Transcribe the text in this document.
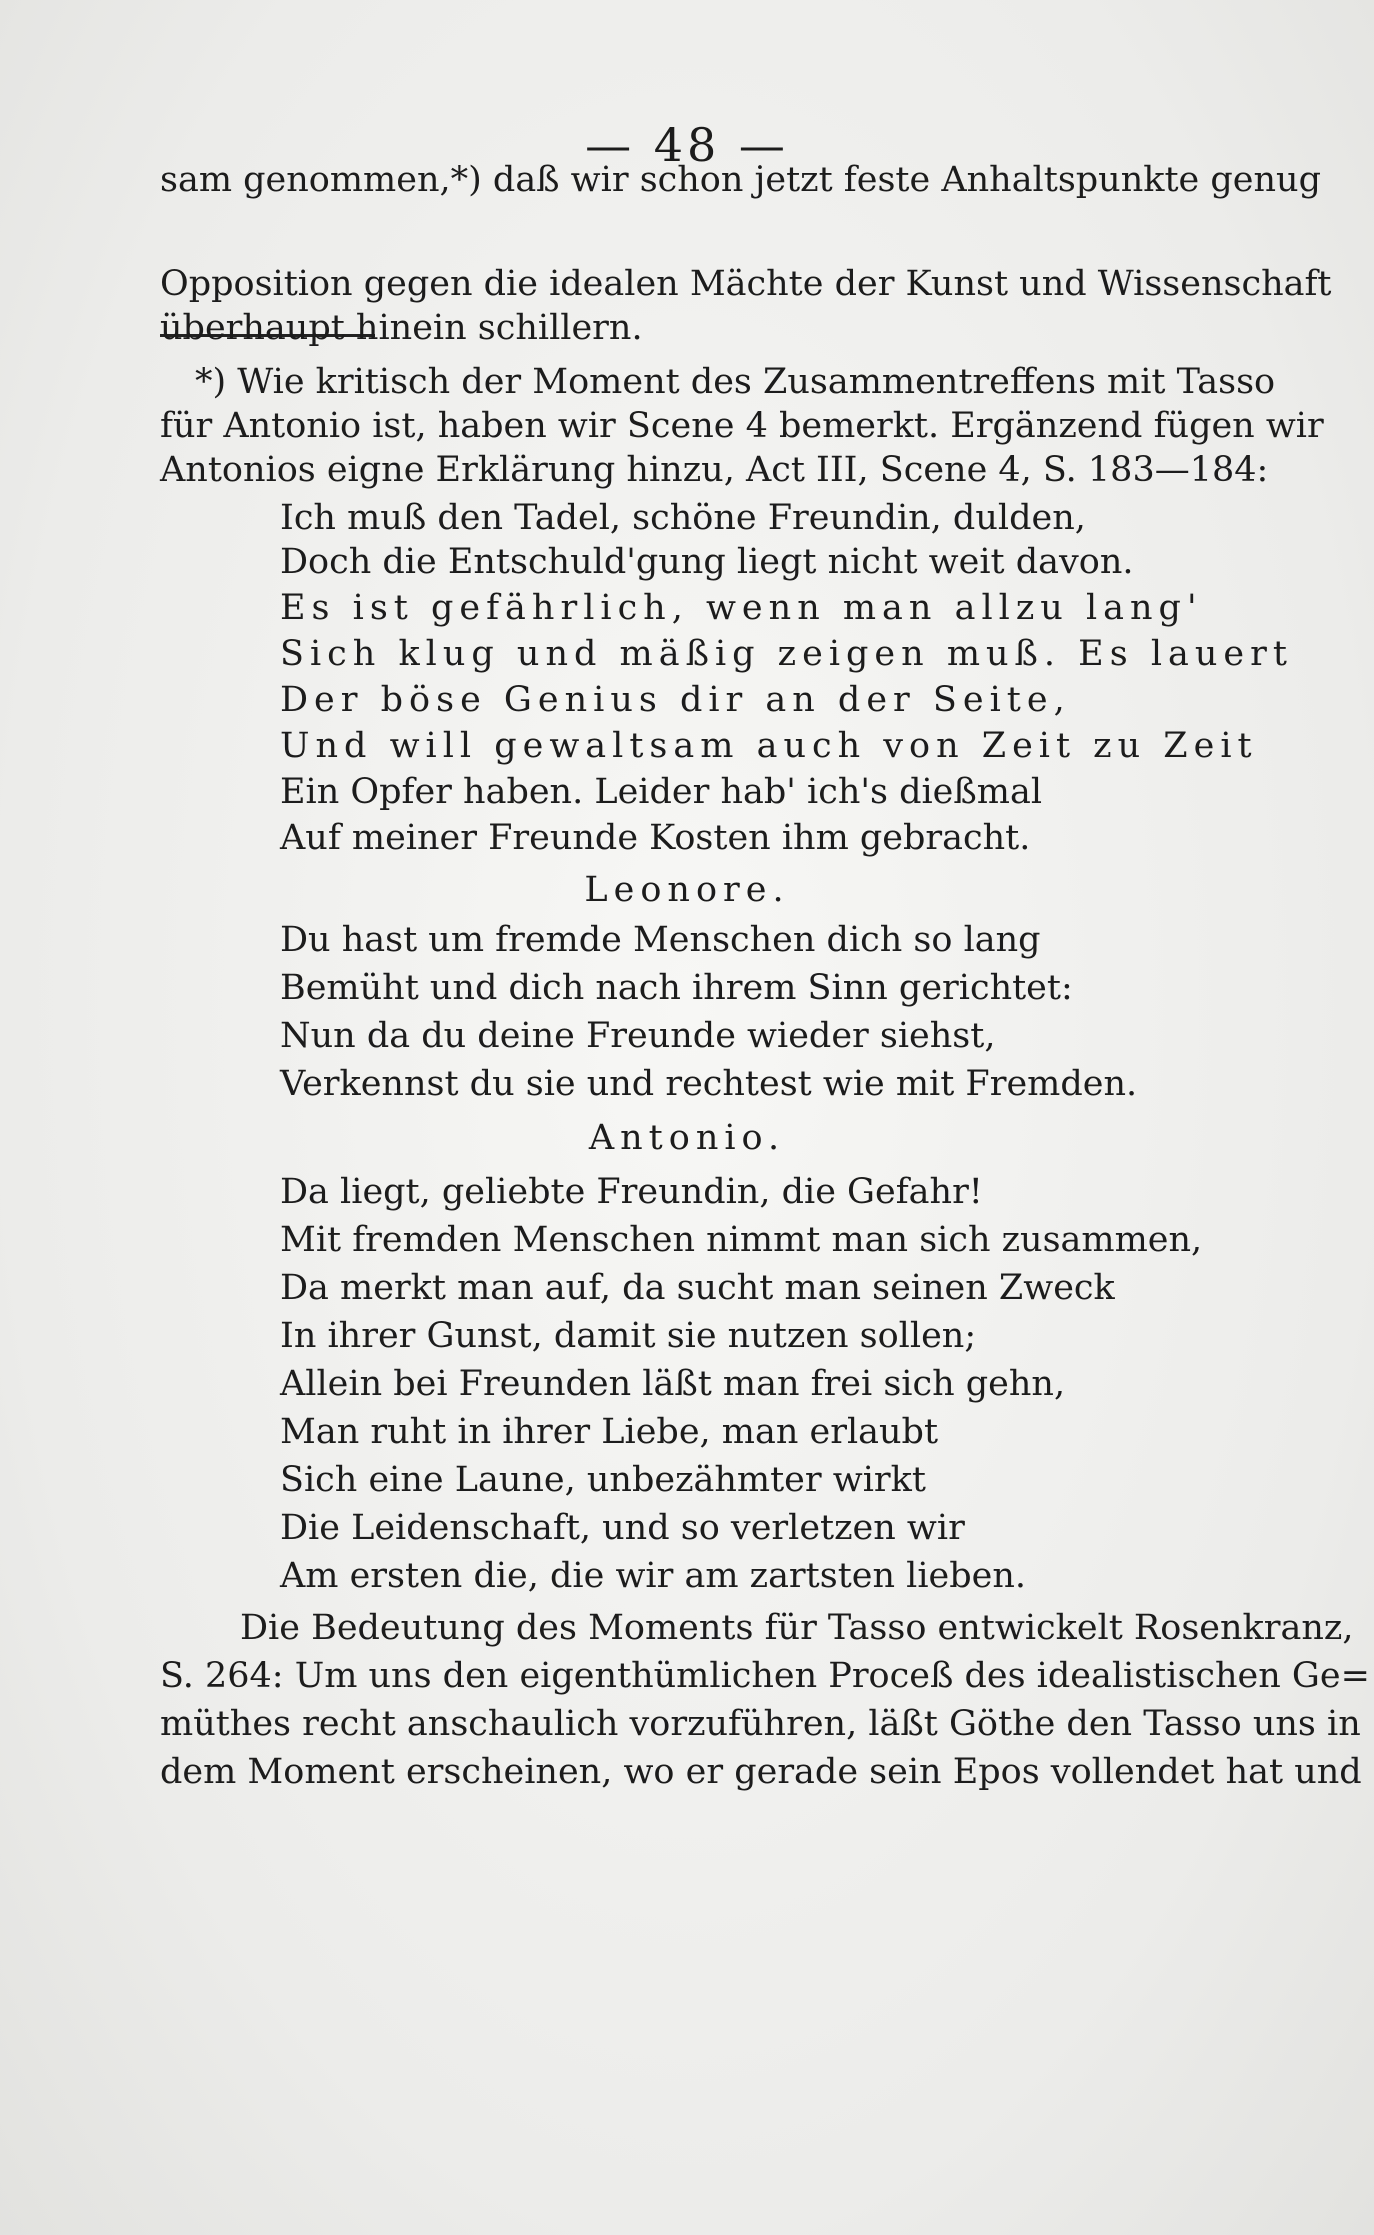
— 48 —
sam genommen,*) daß wir schon jetzt feste Anhaltspunkte genug
Opposition gegen die idealen Mächte der Kunst und Wissenschaft
überhaupt hinein schillern.
*) Wie kritisch der Moment des Zusammentreffens mit Tasso
für Antonio ist, haben wir Scene 4 bemerkt. Ergänzend fügen wir
Antonios eigne Erklärung hinzu, Act III, Scene 4, S. 183—184:
Ich muß den Tadel, schöne Freundin, dulden,
Doch die Entschuld'gung liegt nicht weit davon.
Es ist gefährlich, wenn man allzu lang'
Sich klug und mäßig zeigen muß. Es lauert
Der böse Genius dir an der Seite,
Und will gewaltsam auch von Zeit zu Zeit
Ein Opfer haben. Leider hab' ich's dießmal
Auf meiner Freunde Kosten ihm gebracht.
Leonore.
Du hast um fremde Menschen dich so lang
Bemüht und dich nach ihrem Sinn gerichtet:
Nun da du deine Freunde wieder siehst,
Verkennst du sie und rechtest wie mit Fremden.
Antonio.
Da liegt, geliebte Freundin, die Gefahr!
Mit fremden Menschen nimmt man sich zusammen,
Da merkt man auf, da sucht man seinen Zweck
In ihrer Gunst, damit sie nutzen sollen;
Allein bei Freunden läßt man frei sich gehn,
Man ruht in ihrer Liebe, man erlaubt
Sich eine Laune, unbezähmter wirkt
Die Leidenschaft, und so verletzen wir
Am ersten die, die wir am zartsten lieben.
Die Bedeutung des Moments für Tasso entwickelt Rosenkranz,
S. 264: Um uns den eigenthümlichen Proceß des idealistischen Ge=
müthes recht anschaulich vorzuführen, läßt Göthe den Tasso uns in
dem Moment erscheinen, wo er gerade sein Epos vollendet hat und
